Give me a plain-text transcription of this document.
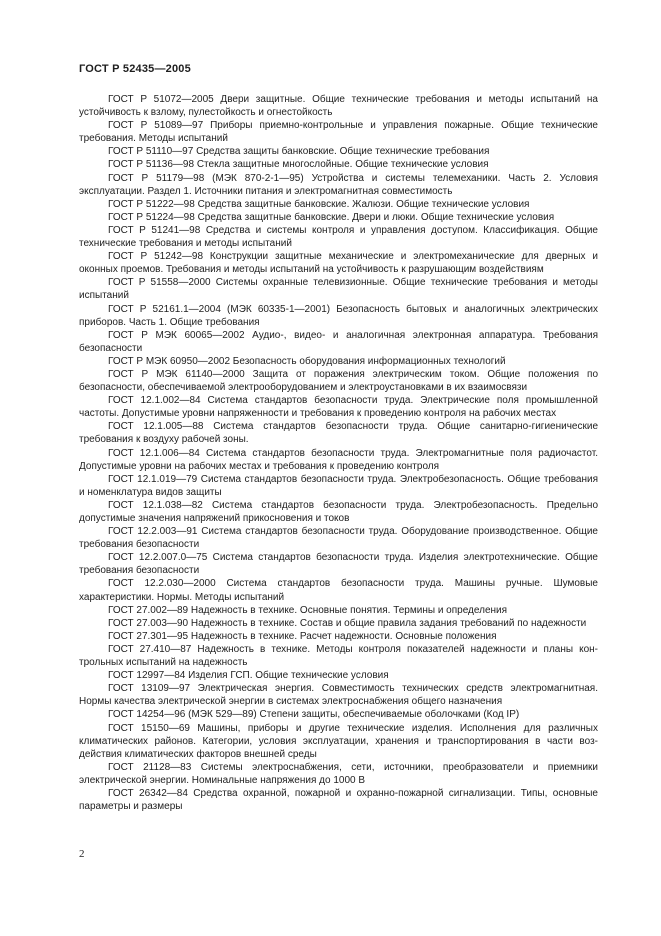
ГОСТ Р 52435—2005

ГОСТ Р 51072—2005 Двери защитные. Общие технические требования и методы испытаний на устойчивость к взлому, пулестойкость и огнестойкость

ГОСТ Р 51089—97 Приборы приемно-контрольные и управления пожарные. Общие технические требования. Методы испытаний

ГОСТ Р 51110—97 Средства защиты банковские. Общие технические требования

ГОСТ Р 51136—98 Стекла защитные многослойные. Общие технические условия

ГОСТ Р 51179—98 (МЭК 870-2-1—95) Устройства и системы телемеханики. Часть 2. Условия эксплуатации. Раздел 1. Источники питания и электромагнитная совместимость

ГОСТ Р 51222—98 Средства защитные банковские. Жалюзи. Общие технические условия

ГОСТ Р 51224—98 Средства защитные банковские. Двери и люки. Общие технические условия

ГОСТ Р 51241—98 Средства и системы контроля и управления доступом. Классификация. Общие технические требования и методы испытаний

ГОСТ Р 51242—98 Конструкции защитные механические и электромеханические для дверных и оконных проемов. Требования и методы испытаний на устойчивость к разрушающим воздействиям

ГОСТ Р 51558—2000 Системы охранные телевизионные. Общие технические требования и методы испытаний

ГОСТ Р 52161.1—2004 (МЭК 60335-1—2001) Безопасность бытовых и аналогичных электрических приборов. Часть 1. Общие требования

ГОСТ Р МЭК 60065—2002 Аудио-, видео- и аналогичная электронная аппаратура. Требования безопасности

ГОСТ Р МЭК 60950—2002 Безопасность оборудования информационных технологий

ГОСТ Р МЭК 61140—2000 Защита от поражения электрическим током. Общие положения по безопасности, обеспечиваемой электрооборудованием и электроустановками в их взаимосвязи

ГОСТ 12.1.002—84 Система стандартов безопасности труда. Электрические поля промышленной частоты. Допустимые уровни напряженности и требования к проведению контроля на рабочих местах

ГОСТ 12.1.005—88 Система стандартов безопасности труда. Общие санитарно-гигиенические требования к воздуху рабочей зоны.

ГОСТ 12.1.006—84 Система стандартов безопасности труда. Электромагнитные поля радиочастот. Допустимые уровни на рабочих местах и требования к проведению контроля

ГОСТ 12.1.019—79 Система стандартов безопасности труда. Электробезопасность. Общие требования и номенклатура видов защиты

ГОСТ 12.1.038—82 Система стандартов безопасности труда. Электробезопасность. Предельно допустимые значения напряжений прикосновения и токов

ГОСТ 12.2.003—91 Система стандартов безопасности труда. Оборудование производственное. Общие требования безопасности

ГОСТ 12.2.007.0—75 Система стандартов безопасности труда. Изделия электротехнические. Общие требования безопасности

ГОСТ 12.2.030—2000 Система стандартов безопасности труда. Машины ручные. Шумовые характеристики. Нормы. Методы испытаний

ГОСТ 27.002—89 Надежность в технике. Основные понятия. Термины и определения

ГОСТ 27.003—90 Надежность в технике. Состав и общие правила задания требований по надежности

ГОСТ 27.301—95 Надежность в технике. Расчет надежности. Основные положения

ГОСТ 27.410—87 Надежность в технике. Методы контроля показателей надежности и планы контрольных испытаний на надежность

ГОСТ 12997—84 Изделия ГСП. Общие технические условия

ГОСТ 13109—97 Электрическая энергия. Совместимость технических средств электромагнитная. Нормы качества электрической энергии в системах электроснабжения общего назначения

ГОСТ 14254—96 (МЭК 529—89) Степени защиты, обеспечиваемые оболочками (Код IP)

ГОСТ 15150—69 Машины, приборы и другие технические изделия. Исполнения для различных климатических районов. Категории, условия эксплуатации, хранения и транспортирования в части воздействия климатических факторов внешней среды

ГОСТ 21128—83 Системы электроснабжения, сети, источники, преобразователи и приемники электрической энергии. Номинальные напряжения до 1000 В

ГОСТ 26342—84 Средства охранной, пожарной и охранно-пожарной сигнализации. Типы, основные параметры и размеры

2
